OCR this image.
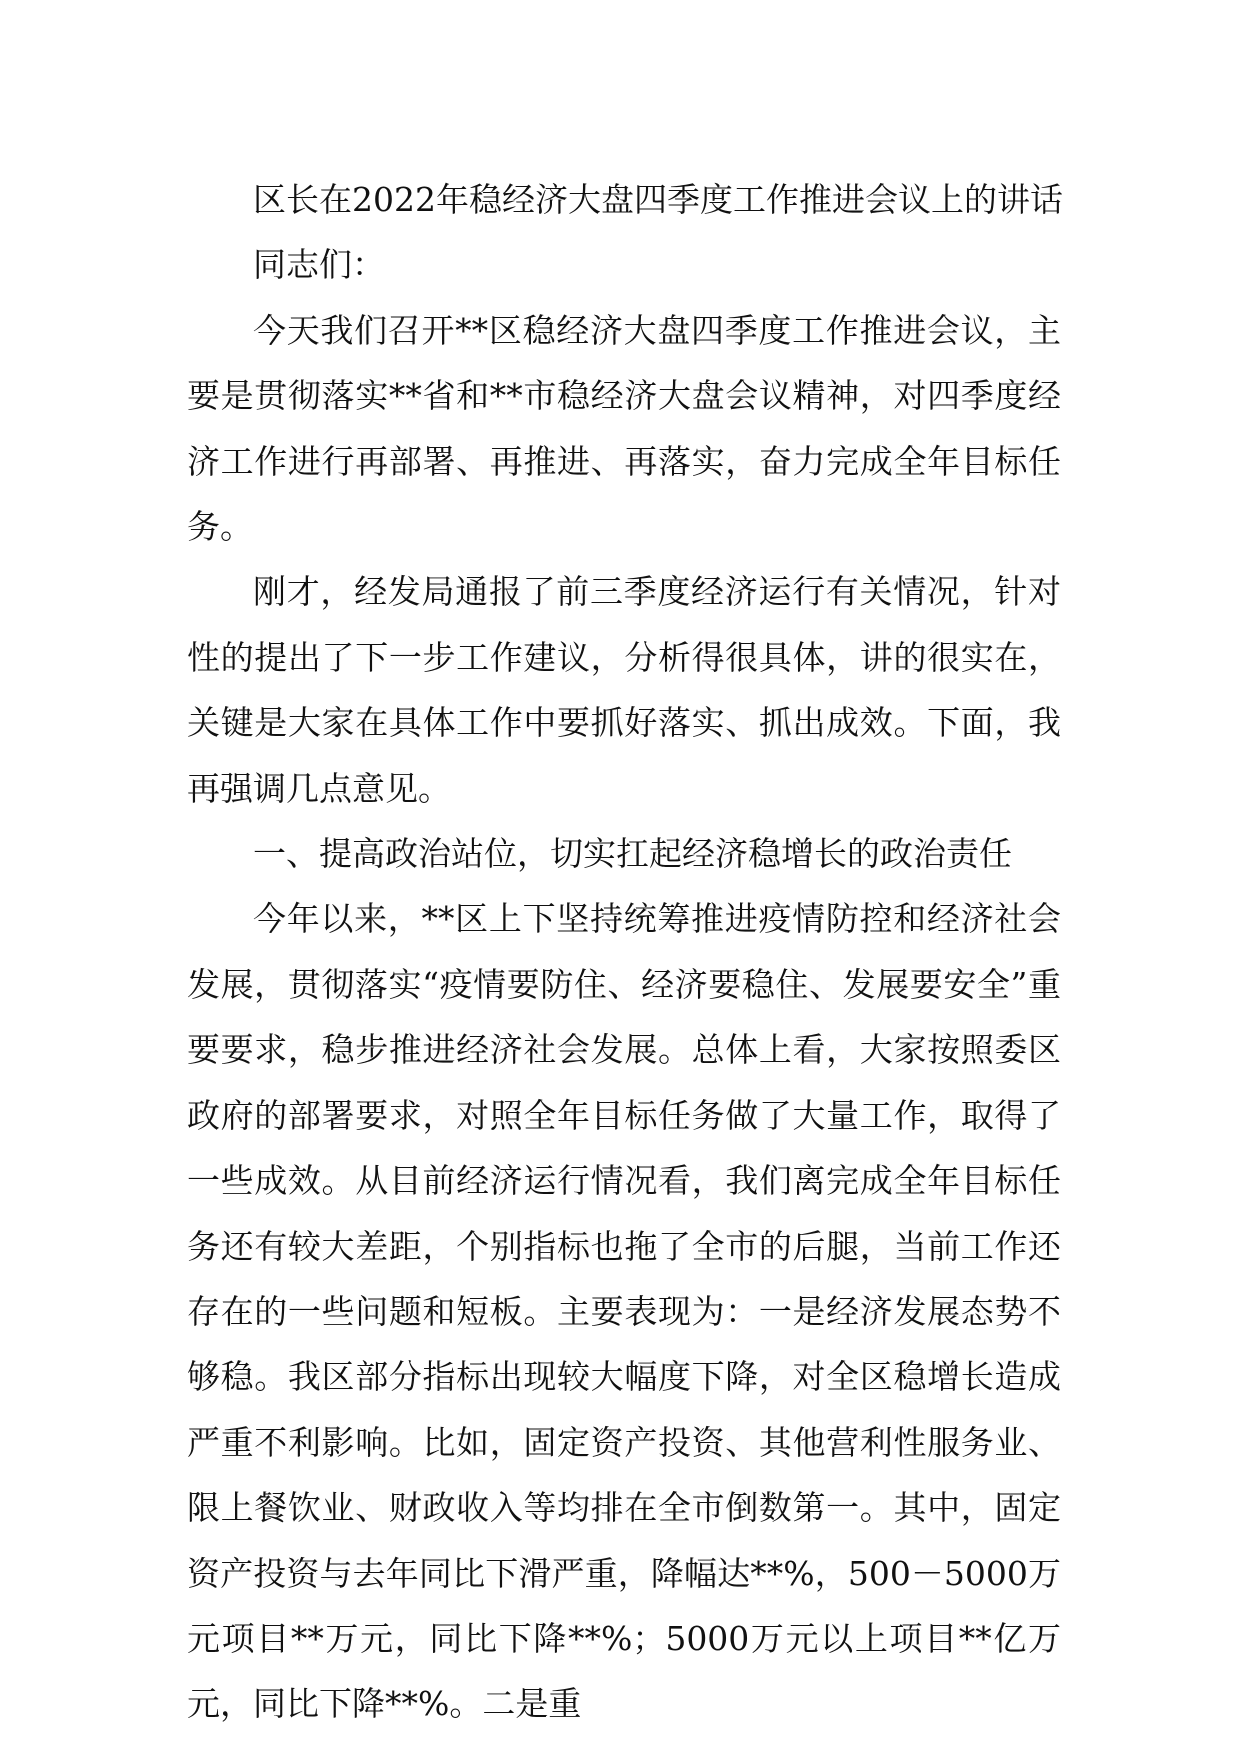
区长在2022年稳经济大盘四季度工作推进会议上的讲话

同志们：

今天我们召开**区稳经济大盘四季度工作推进会议，主要是贯彻落实**省和**市稳经济大盘会议精神，对四季度经济工作进行再部署、再推进、再落实，奋力完成全年目标任务。

刚才，经发局通报了前三季度经济运行有关情况，针对性的提出了下一步工作建议，分析得很具体，讲的很实在，关键是大家在具体工作中要抓好落实、抓出成效。下面，我再强调几点意见。

一、提高政治站位，切实扛起经济稳增长的政治责任

今年以来，**区上下坚持统筹推进疫情防控和经济社会发展，贯彻落实“疫情要防住、经济要稳住、发展要安全”重要要求，稳步推进经济社会发展。总体上看，大家按照委区政府的部署要求，对照全年目标任务做了大量工作，取得了一些成效。从目前经济运行情况看，我们离完成全年目标任务还有较大差距，个别指标也拖了全市的后腿，当前工作还存在的一些问题和短板。主要表现为：一是经济发展态势不够稳。我区部分指标出现较大幅度下降，对全区稳增长造成严重不利影响。比如，固定资产投资、其他营利性服务业、限上餐饮业、财政收入等均排在全市倒数第一。其中，固定资产投资与去年同比下滑严重，降幅达**%，500－5000万元项目**万元，同比下降**%；5000万元以上项目**亿万元，同比下降**%。二是重
